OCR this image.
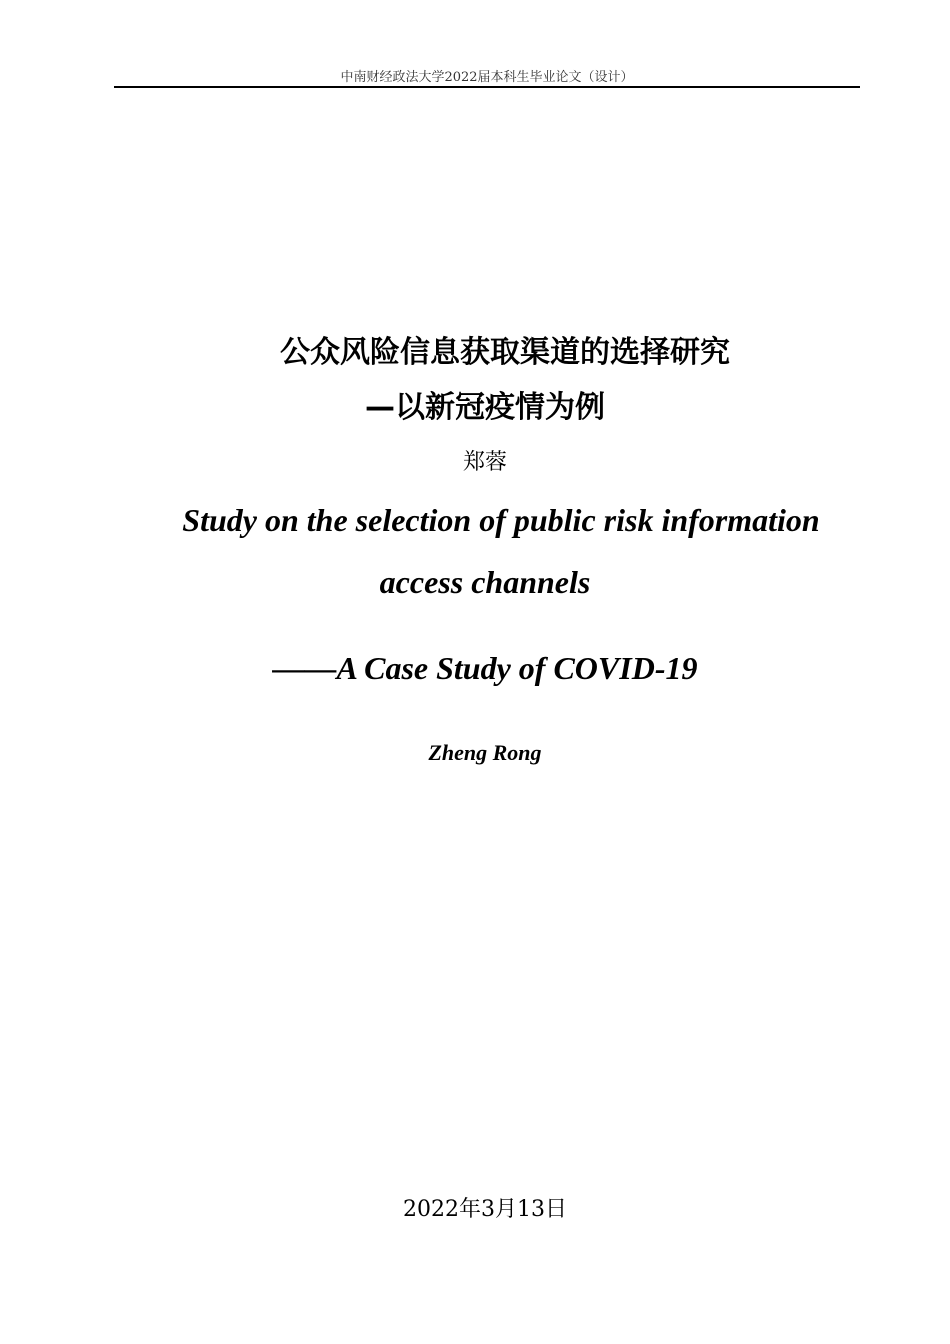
中南财经政法大学2022届本科生毕业论文（设计）
公众风险信息获取渠道的选择研究
—以新冠疫情为例
郑蓉
Study on the selection of public risk information
access channels
——A Case Study of COVID-19
Zheng Rong
2022年3月13日
